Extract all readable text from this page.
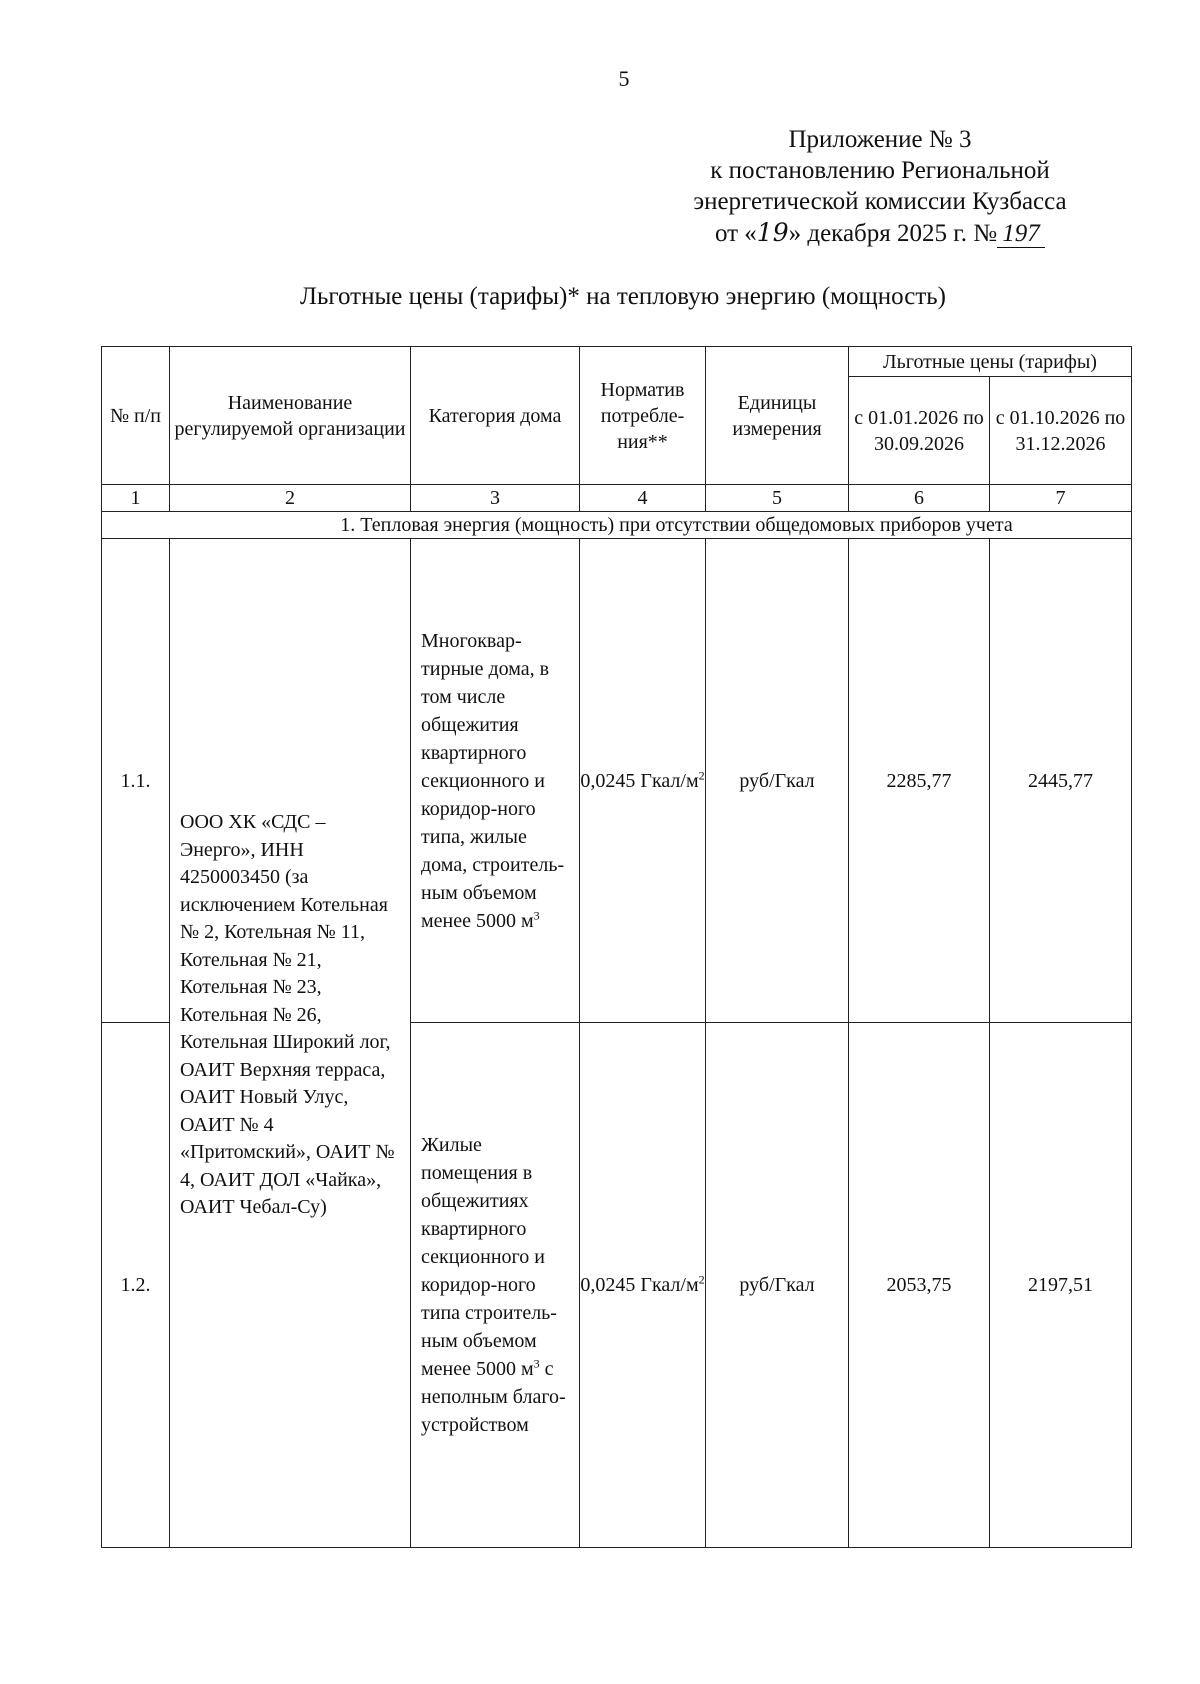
5
Приложение № 3
к постановлению Региональной
энергетической комиссии Кузбасса
от «19» декабря 2025 г. № 197
Льготные цены (тарифы)* на тепловую энергию (мощность)
№ п/п	Наименование регулируемой организации	Категория дома	Норматив потребле-ния**	Единицы измерения	Льготные цены (тарифы)	
					с 01.01.2026 по 30.09.2026	с 01.10.2026 по 31.12.2026
1	2	3	4	5	6	7
1. Тепловая энергия (мощность) при отсутствии общедомовых приборов учета						
1.1.	ООО ХК «СДС – Энерго», ИНН 4250003450 (за исключением Котельная № 2, Котельная № 11, Котельная № 21, Котельная № 23, Котельная № 26, Котельная Широкий лог, ОАИТ Верхняя терраса, ОАИТ Новый Улус, ОАИТ № 4 «Притомский», ОАИТ № 4, ОАИТ ДОЛ «Чайка», ОАИТ Чебал-Су)	Многоквар-тирные дома, в том числе общежития квартирного секционного и коридор-ного типа, жилые дома, строитель-ным объемом менее 5000 $м^3$	0,0245 Гкал/$м^2$	руб/Гкал	2285,77	2445,77
1.2.		Жилые помещения в общежитиях квартирного секционного и коридор-ного типа строитель-ным объемом менее 5000 $м^3$ с неполным благо-устройством	0,0245 Гкал/$м^2$	руб/Гкал	2053,75	2197,51
